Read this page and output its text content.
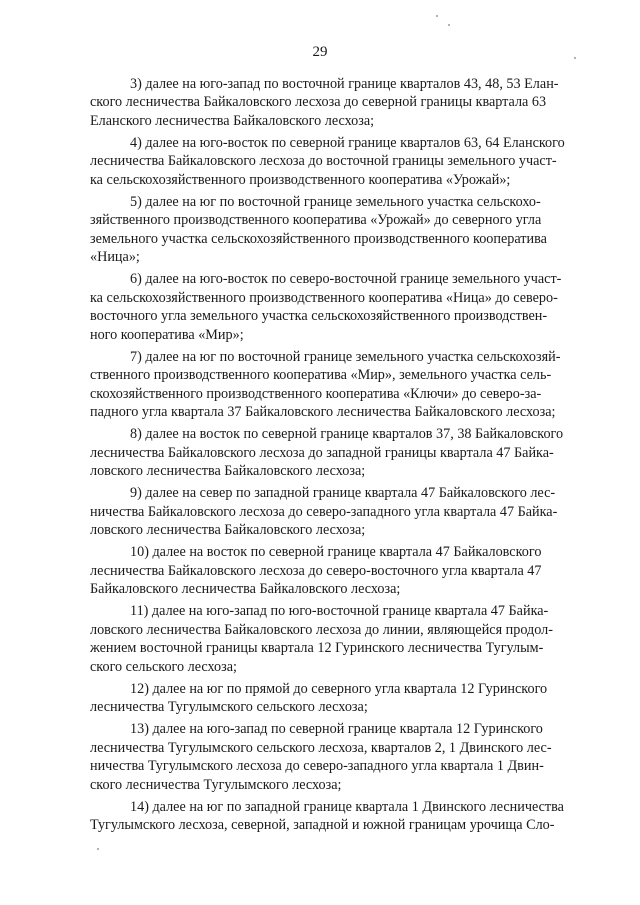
29
3) далее на юго-запад по восточной границе кварталов 43, 48, 53 Елан-
ского лесничества Байкаловского лесхоза до северной границы квартала 63
Еланского лесничества Байкаловского лесхоза;
4) далее на юго-восток по северной границе кварталов 63, 64 Еланского
лесничества Байкаловского лесхоза до восточной границы земельного участ-
ка сельскохозяйственного производственного кооператива «Урожай»;
5) далее на юг по восточной границе земельного участка сельскохо-
зяйственного производственного кооператива «Урожай» до северного угла
земельного участка сельскохозяйственного производственного кооператива
«Ница»;
6) далее на юго-восток по северо-восточной границе земельного участ-
ка сельскохозяйственного производственного кооператива «Ница» до северо-
восточного угла земельного участка сельскохозяйственного производствен-
ного кооператива «Мир»;
7) далее на юг по восточной границе земельного участка сельскохозяй-
ственного производственного кооператива «Мир», земельного участка сель-
скохозяйственного производственного кооператива «Ключи» до северо-за-
падного угла квартала 37 Байкаловского лесничества Байкаловского лесхоза;
8) далее на восток по северной границе кварталов 37, 38 Байкаловского
лесничества Байкаловского лесхоза до западной границы квартала 47 Байка-
ловского лесничества Байкаловского лесхоза;
9) далее на север по западной границе квартала 47 Байкаловского лес-
ничества Байкаловского лесхоза до северо-западного угла квартала 47 Байка-
ловского лесничества Байкаловского лесхоза;
10) далее на восток по северной границе квартала 47 Байкаловского
лесничества Байкаловского лесхоза до северо-восточного угла квартала 47
Байкаловского лесничества Байкаловского лесхоза;
11) далее на юго-запад по юго-восточной границе квартала 47 Байка-
ловского лесничества Байкаловского лесхоза до линии, являющейся продол-
жением восточной границы квартала 12 Гуринского лесничества Тугулым-
ского сельского лесхоза;
12) далее на юг по прямой до северного угла квартала 12 Гуринского
лесничества Тугулымского сельского лесхоза;
13) далее на юго-запад по северной границе квартала 12 Гуринского
лесничества Тугулымского сельского лесхоза, кварталов 2, 1 Двинского лес-
ничества Тугулымского лесхоза до северо-западного угла квартала 1 Двин-
ского лесничества Тугулымского лесхоза;
14) далее на юг по западной границе квартала 1 Двинского лесничества
Тугулымского лесхоза, северной, западной и южной границам урочища Сло-
